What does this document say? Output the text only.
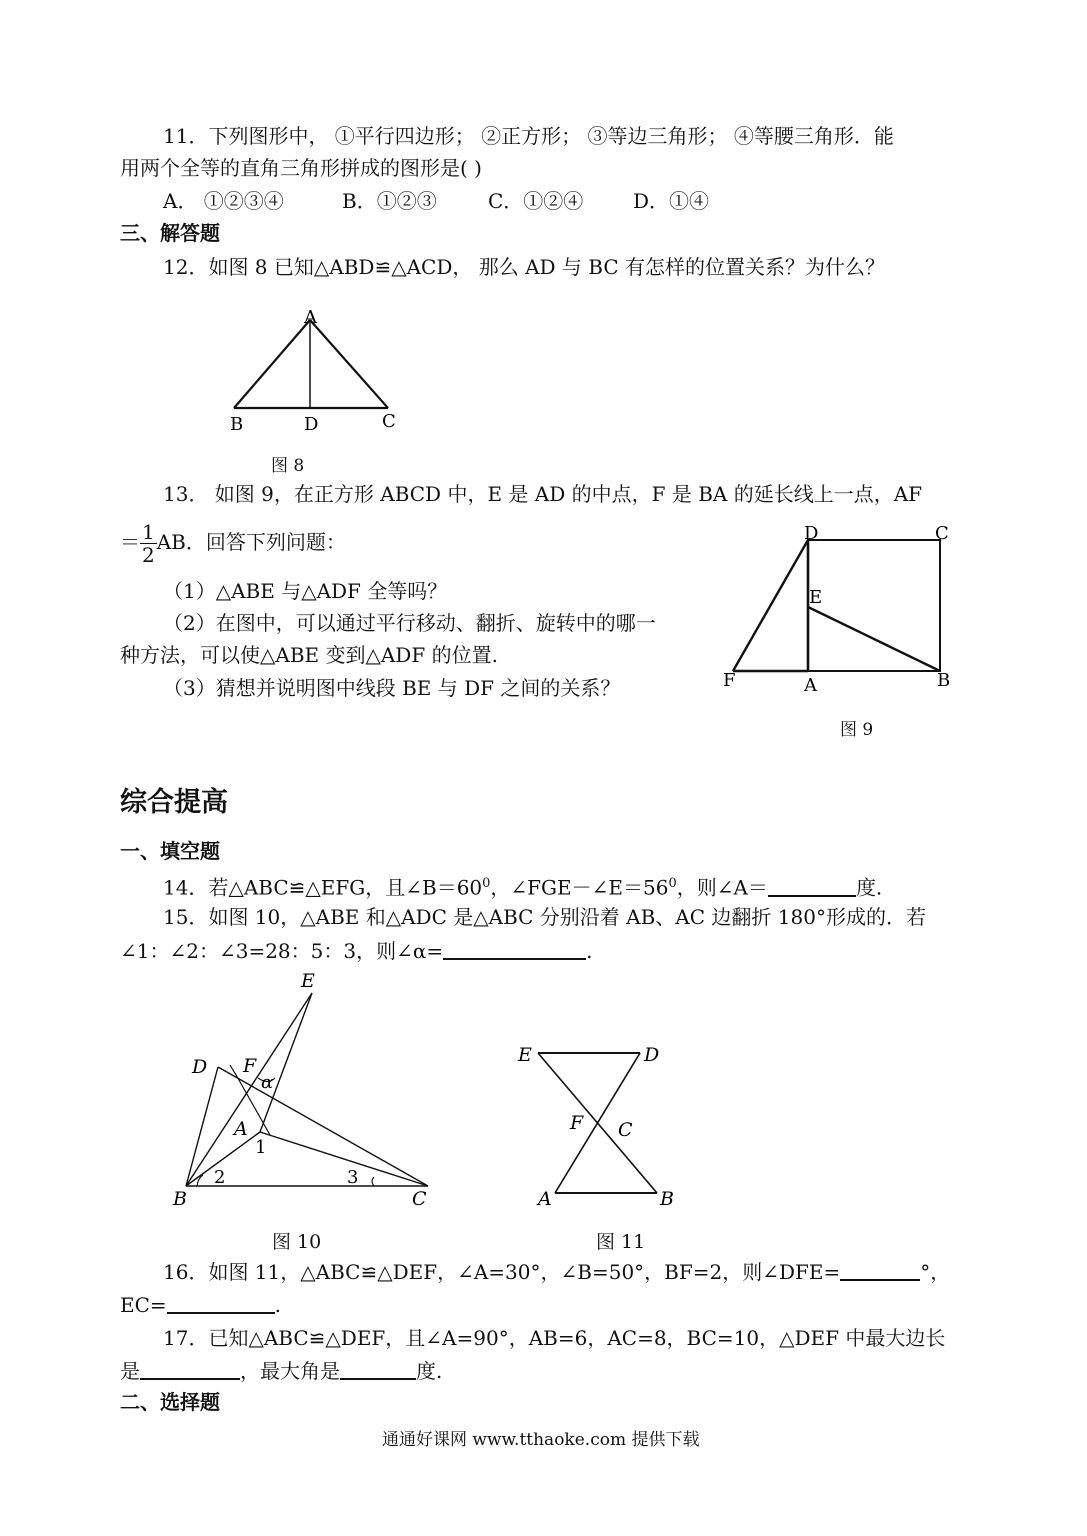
11．下列图形中， ①平行四边形； ②正方形； ③等边三角形； ④等腰三角形．能
用两个全等的直角三角形拼成的图形是( )
A． ①②③④	B．①②③	C．①②④ D．①④
三、解答题
12．如图 8 已知△ABD≌△ACD， 那么 AD 与 BC 有怎样的位置关系？为什么？
A
B	D	C
图 8
13． 如图 9，在正方形 ABCD 中，E 是 AD 的中点，F 是 BA 的延长线上一点，AF
＝ $\frac{1}{2}$ AB．回答下列问题：
（1）△ABE 与△ADF 全等吗？
（2）在图中，可以通过平行移动、翻折、旋转中的哪一
种方法，可以使△ABE 变到△ADF 的位置.
（3）猜想并说明图中线段 BE 与 DF 之间的关系？
D	C
E
F	A	B
图 9
综合提高
一、填空题
14．若△ABC≌△EFG，且$\angle B=60^0$，$\angle FGE-\angle E=56^0$，则∠A＝	度.
15．如图 10，△ABE 和△ADC 是△ABC 分别沿着 AB、AC 边翻折 180°形成的．若
∠1：∠2：∠3=28：5：3，则∠α=	.
E
D F
α
A
1
B
2	3
C
图 10
E	D
F C
A	B
图 11
16．如图 11，△ABC≌△DEF，∠A=30°，∠B=50°，BF=2，则∠DFE=	°，
EC=	.
17．已知△ABC≌△DEF，且∠A=90°，AB=6，AC=8，BC=10，△DEF 中最大边长
是	，最大角是	度.
二、选择题
通通好课网 www.tthaoke.com 提供下载
